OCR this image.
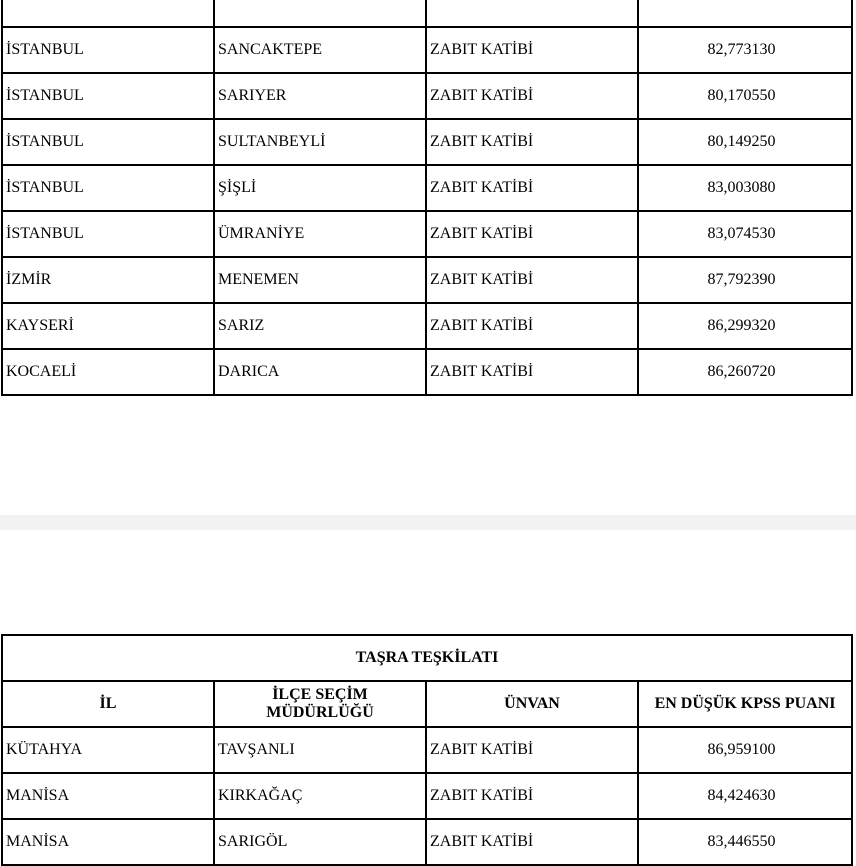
İSTANBUL	SANCAKTEPE	ZABIT KATİBİ	82,773130
İSTANBUL	SARIYER	ZABIT KATİBİ	80,170550
İSTANBUL	SULTANBEYLİ	ZABIT KATİBİ	80,149250
İSTANBUL	ŞİŞLİ	ZABIT KATİBİ	83,003080
İSTANBUL	ÜMRANİYE	ZABIT KATİBİ	83,074530
İZMİR	MENEMEN	ZABIT KATİBİ	87,792390
KAYSERİ	SARIZ	ZABIT KATİBİ	86,299320
KOCAELİ	DARICA	ZABIT KATİBİ	86,260720
TAŞRA TEŞKİLATI			
İL	İLÇE SEÇİM MÜDÜRLÜĞÜ	ÜNVAN	EN DÜŞÜK KPSS PUANI
KÜTAHYA	TAVŞANLI	ZABIT KATİBİ	86,959100
MANİSA	KIRKAĞAÇ	ZABIT KATİBİ	84,424630
MANİSA	SARIGÖL	ZABIT KATİBİ	83,446550
